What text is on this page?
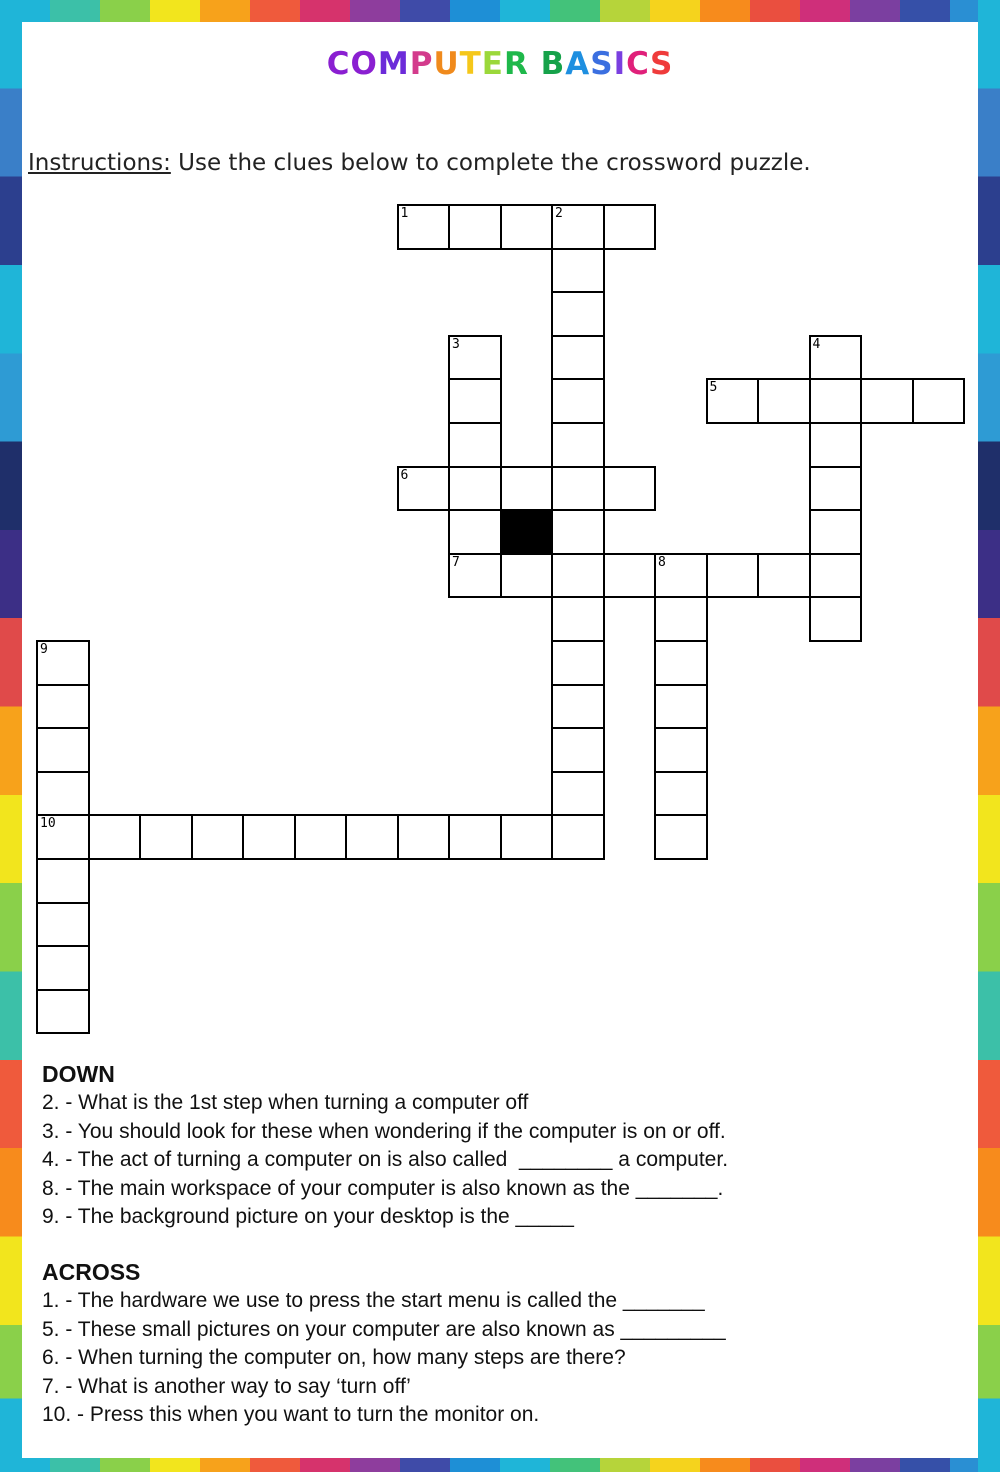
COMPUTER BASICS
Instructions: Use the clues below to complete the crossword puzzle.
1	2
3
7
5
4
6
8
9
10
DOWN
2. - What is the 1st step when turning a computer off
3. - You should look for these when wondering if the computer is on or off.
4. - The act of turning a computer on is also called  ________ a computer.
8. - The main workspace of your computer is also known as the _______.
9. - The background picture on your desktop is the _____
ACROSS
1. - The hardware we use to press the start menu is called the _______
5. - These small pictures on your computer are also known as _________
6. - When turning the computer on, how many steps are there?
7. - What is another way to say ‘turn off’
10. - Press this when you want to turn the monitor on.
